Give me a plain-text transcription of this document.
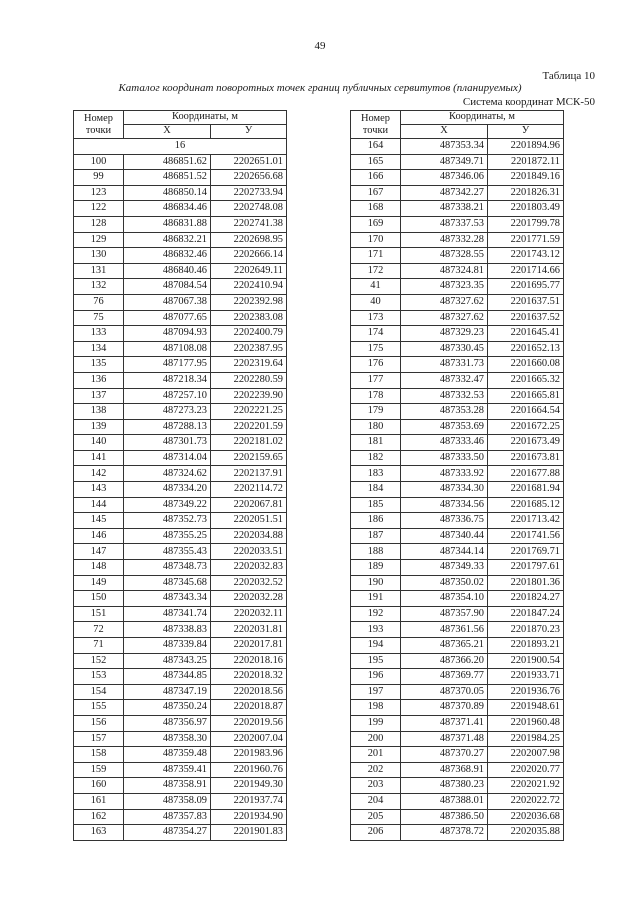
49
Таблица 10
Каталог координат поворотных точек границ публичных сервитутов (планируемых)
Система координат МСК-50
Номер точки	Координаты, м	
	X	У
16		
100	486851.62	2202651.01
99	486851.52	2202656.68
123	486850.14	2202733.94
122	486834.46	2202748.08
128	486831.88	2202741.38
129	486832.21	2202698.95
130	486832.46	2202666.14
131	486840.46	2202649.11
132	487084.54	2202410.94
76	487067.38	2202392.98
75	487077.65	2202383.08
133	487094.93	2202400.79
134	487108.08	2202387.95
135	487177.95	2202319.64
136	487218.34	2202280.59
137	487257.10	2202239.90
138	487273.23	2202221.25
139	487288.13	2202201.59
140	487301.73	2202181.02
141	487314.04	2202159.65
142	487324.62	2202137.91
143	487334.20	2202114.72
144	487349.22	2202067.81
145	487352.73	2202051.51
146	487355.25	2202034.88
147	487355.43	2202033.51
148	487348.73	2202032.83
149	487345.68	2202032.52
150	487343.34	2202032.28
151	487341.74	2202032.11
72	487338.83	2202031.81
71	487339.84	2202017.81
152	487343.25	2202018.16
153	487344.85	2202018.32
154	487347.19	2202018.56
155	487350.24	2202018.87
156	487356.97	2202019.56
157	487358.30	2202007.04
158	487359.48	2201983.96
159	487359.41	2201960.76
160	487358.91	2201949.30
161	487358.09	2201937.74
162	487357.83	2201934.90
163	487354.27	2201901.83
Номер точки	Координаты, м	
	X	У
164	487353.34	2201894.96
165	487349.71	2201872.11
166	487346.06	2201849.16
167	487342.27	2201826.31
168	487338.21	2201803.49
169	487337.53	2201799.78
170	487332.28	2201771.59
171	487328.55	2201743.12
172	487324.81	2201714.66
41	487323.35	2201695.77
40	487327.62	2201637.51
173	487327.62	2201637.52
174	487329.23	2201645.41
175	487330.45	2201652.13
176	487331.73	2201660.08
177	487332.47	2201665.32
178	487332.53	2201665.81
179	487353.28	2201664.54
180	487353.69	2201672.25
181	487333.46	2201673.49
182	487333.50	2201673.81
183	487333.92	2201677.88
184	487334.30	2201681.94
185	487334.56	2201685.12
186	487336.75	2201713.42
187	487340.44	2201741.56
188	487344.14	2201769.71
189	487349.33	2201797.61
190	487350.02	2201801.36
191	487354.10	2201824.27
192	487357.90	2201847.24
193	487361.56	2201870.23
194	487365.21	2201893.21
195	487366.20	2201900.54
196	487369.77	2201933.71
197	487370.05	2201936.76
198	487370.89	2201948.61
199	487371.41	2201960.48
200	487371.48	2201984.25
201	487370.27	2202007.98
202	487368.91	2202020.77
203	487380.23	2202021.92
204	487388.01	2202022.72
205	487386.50	2202036.68
206	487378.72	2202035.88
